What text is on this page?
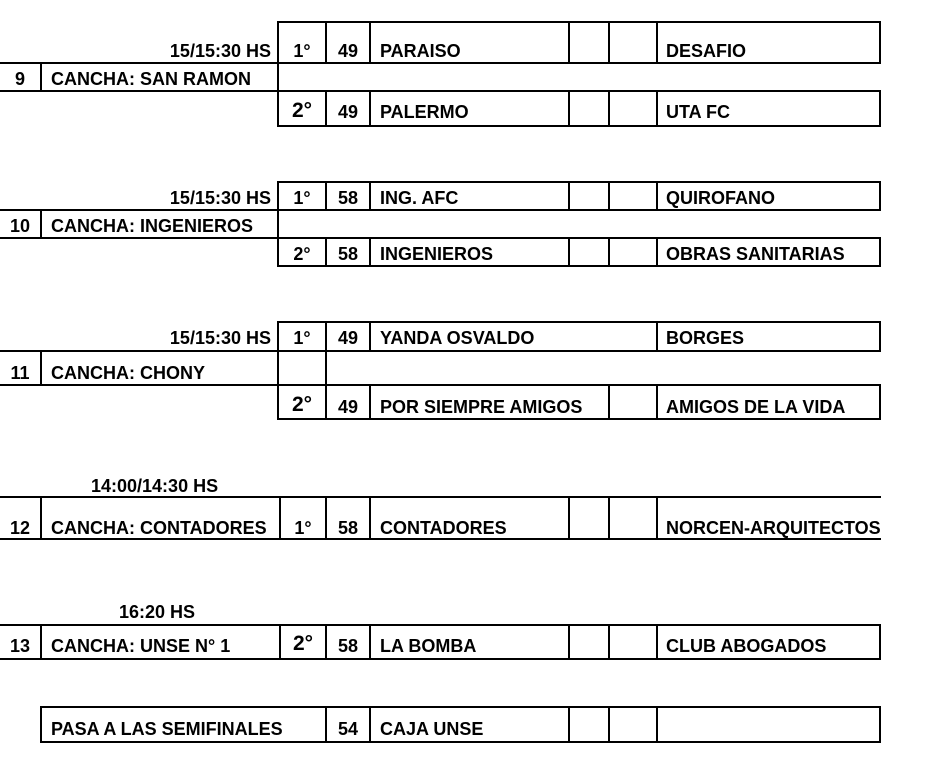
15/15:30 HS	1°	49	PARAISO	DESAFIO
9	CANCHA: SAN RAMON
2°	49	PALERMO	UTA FC
15/15:30 HS	1°	58	ING. AFC	QUIROFANO
10	CANCHA: INGENIEROS
2°	58	INGENIEROS	OBRAS SANITARIAS
15/15:30 HS	1°	49	YANDA OSVALDO	BORGES
11	CANCHA: CHONY
2°	49	POR SIEMPRE AMIGOS	AMIGOS DE LA VIDA
14:00/14:30 HS
12	CANCHA: CONTADORES	1°	58	CONTADORES	NORCEN-ARQUITECTOS
16:20 HS
13	CANCHA: UNSE N° 1	2°	58	LA BOMBA	CLUB ABOGADOS
PASA A LAS SEMIFINALES	54	CAJA UNSE
